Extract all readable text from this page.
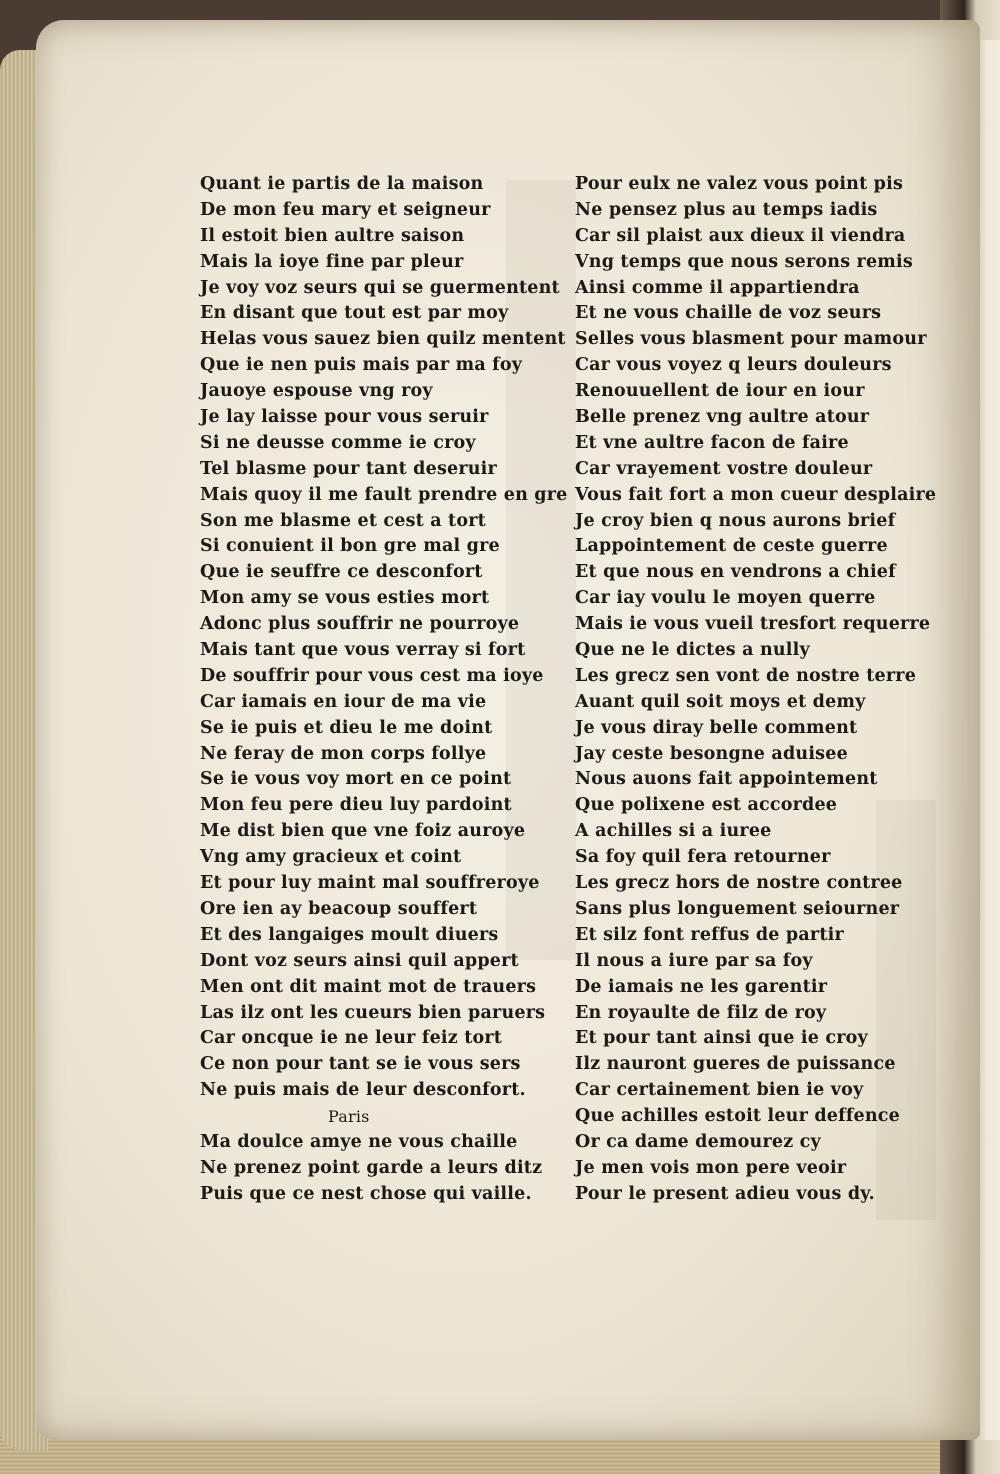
Quant ie partis de la maison
De mon feu mary et seigneur
Il estoit bien aultre saison
Mais la ioye fine par pleur
Je voy voz seurs qui se guermentent
En disant que tout est par moy
Helas vous sauez bien quilz mentent
Que ie nen puis mais par ma foy
Jauoye espouse vng roy
Je lay laisse pour vous seruir
Si ne deusse comme ie croy
Tel blasme pour tant deseruir
Mais quoy il me fault prendre en gre
Son me blasme et cest a tort
Si conuient il bon gre mal gre
Que ie seuffre ce desconfort
Mon amy se vous esties mort
Adonc plus souffrir ne pourroye
Mais tant que vous verray si fort
De souffrir pour vous cest ma ioye
Car iamais en iour de ma vie
Se ie puis et dieu le me doint
Ne feray de mon corps follye
Se ie vous voy mort en ce point
Mon feu pere dieu luy pardoint
Me dist bien que vne foiz auroye
Vng amy gracieux et coint
Et pour luy maint mal souffreroye
Ore ien ay beacoup souffert
Et des langaiges moult diuers
Dont voz seurs ainsi quil appert
Men ont dit maint mot de trauers
Las ilz ont les cueurs bien paruers
Car oncque ie ne leur feiz tort
Ce non pour tant se ie vous sers
Ne puis mais de leur desconfort.
Paris
Ma doulce amye ne vous chaille
Ne prenez point garde a leurs ditz
Puis que ce nest chose qui vaille.
Pour eulx ne valez vous point pis
Ne pensez plus au temps iadis
Car sil plaist aux dieux il viendra
Vng temps que nous serons remis
Ainsi comme il appartiendra
Et ne vous chaille de voz seurs
Selles vous blasment pour mamour
Car vous voyez q leurs douleurs
Renouuellent de iour en iour
Belle prenez vng aultre atour
Et vne aultre facon de faire
Car vrayement vostre douleur
Vous fait fort a mon cueur desplaire
Je croy bien q nous aurons brief
Lappointement de ceste guerre
Et que nous en vendrons a chief
Car iay voulu le moyen querre
Mais ie vous vueil tresfort requerre
Que ne le dictes a nully
Les grecz sen vont de nostre terre
Auant quil soit moys et demy
Je vous diray belle comment
Jay ceste besongne aduisee
Nous auons fait appointement
Que polixene est accordee
A achilles si a iuree
Sa foy quil fera retourner
Les grecz hors de nostre contree
Sans plus longuement seiourner
Et silz font reffus de partir
Il nous a iure par sa foy
De iamais ne les garentir
En royaulte de filz de roy
Et pour tant ainsi que ie croy
Ilz nauront gueres de puissance
Car certainement bien ie voy
Que achilles estoit leur deffence
Or ca dame demourez cy
Je men vois mon pere veoir
Pour le present adieu vous dy.
